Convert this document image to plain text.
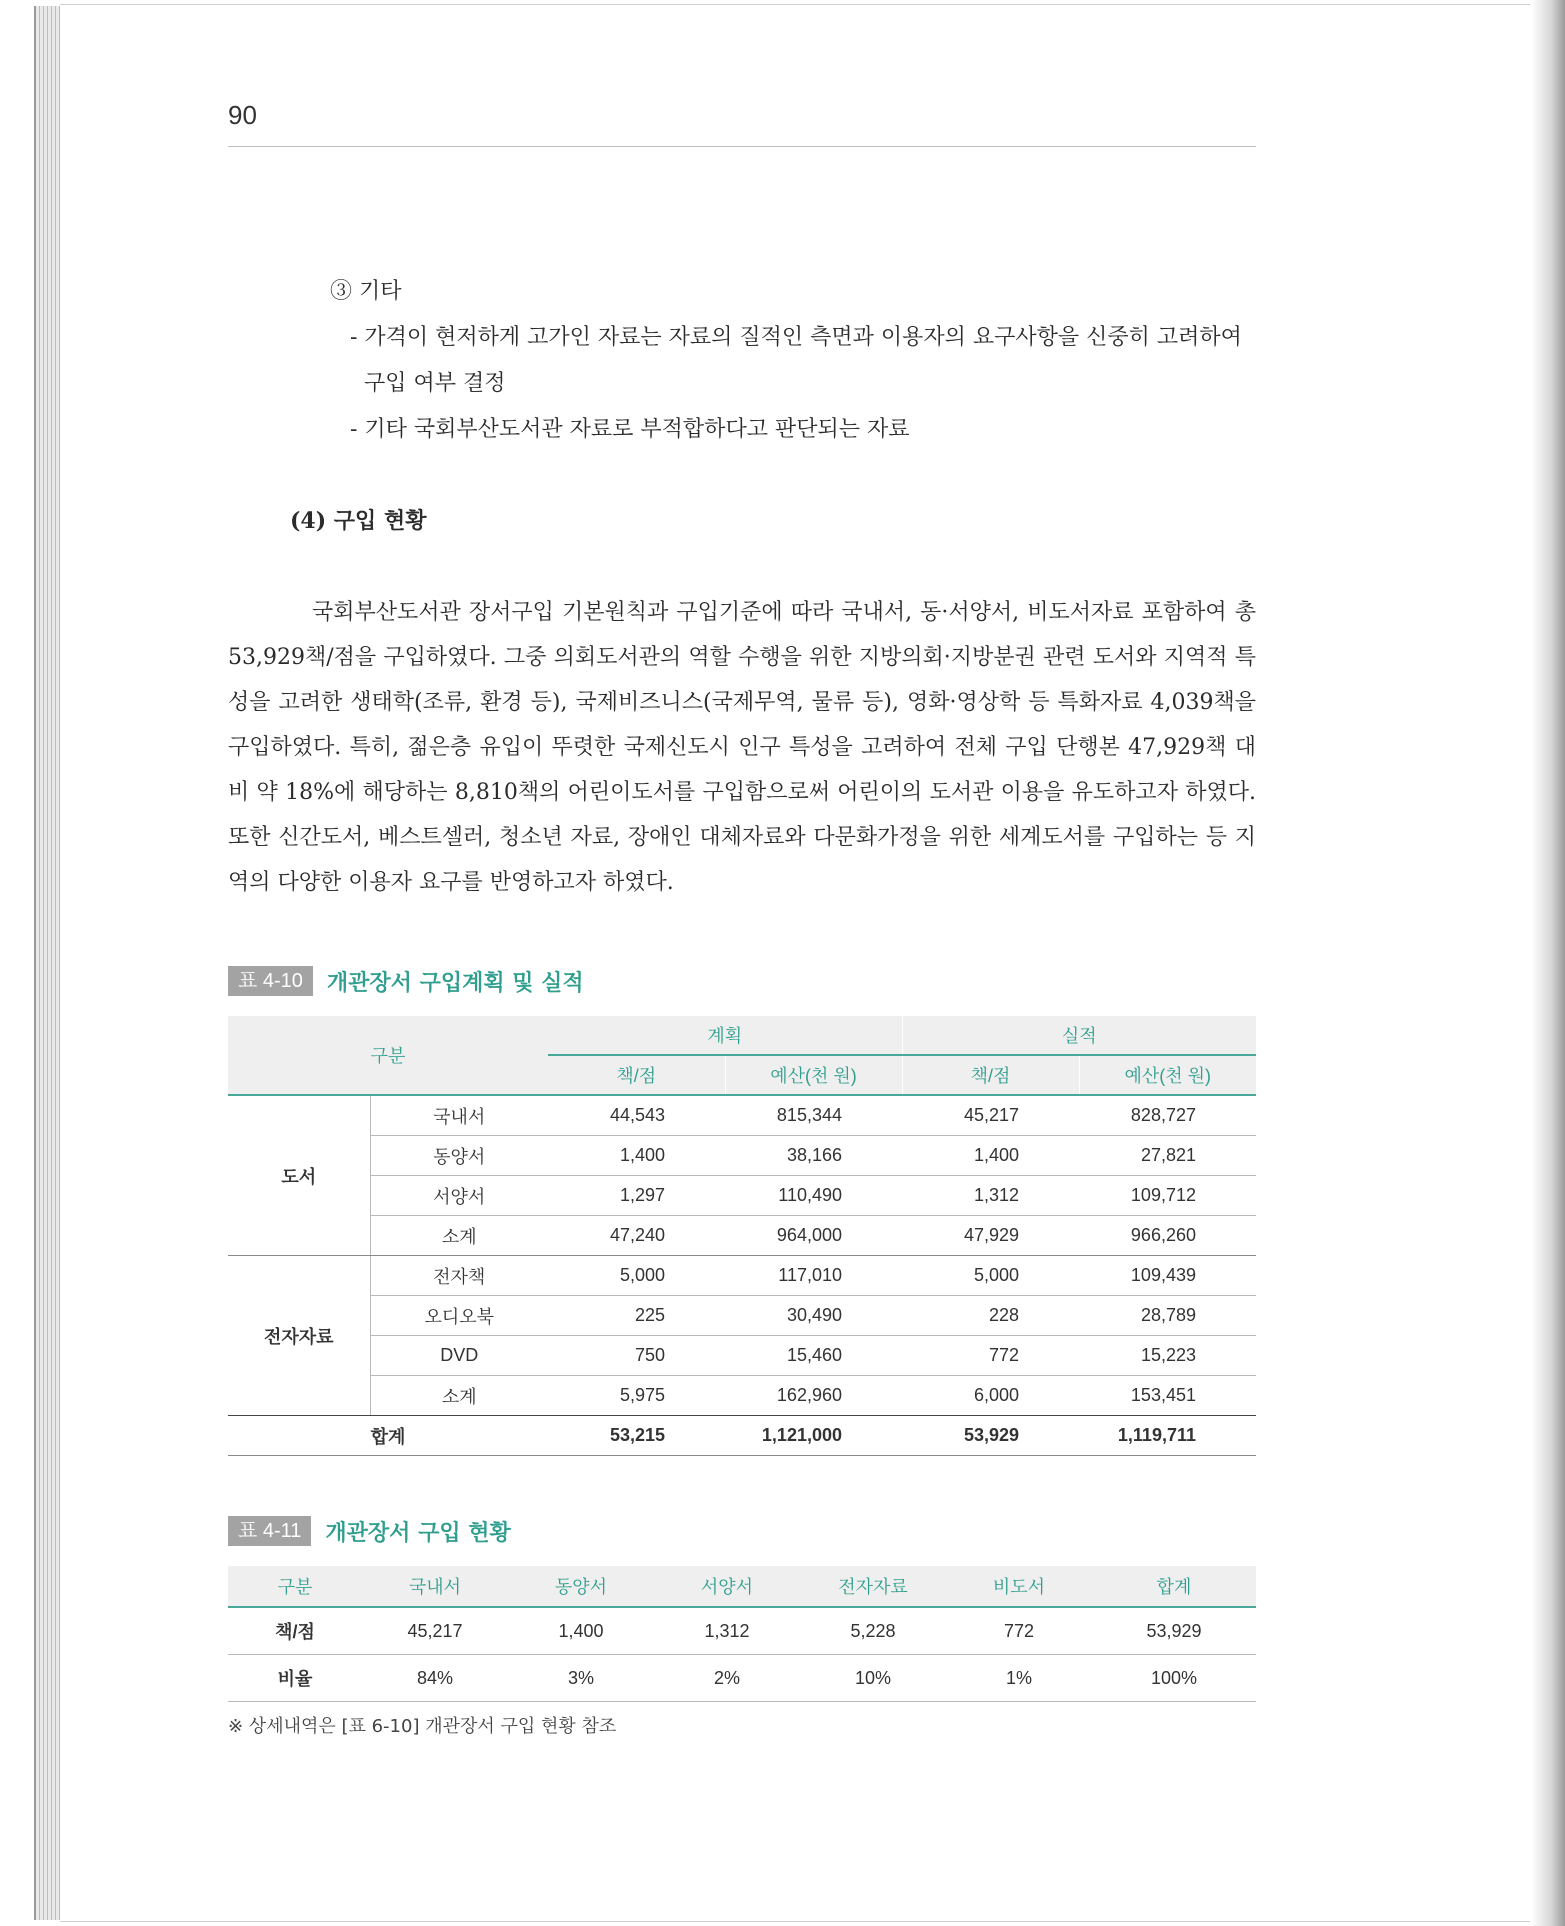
90
③ 기타
- 가격이 현저하게 고가인 자료는 자료의 질적인 측면과 이용자의 요구사항을 신중히 고려하여
구입 여부 결정
- 기타 국회부산도서관 자료로 부적합하다고 판단되는 자료
(4) 구입 현황
국회부산도서관 장서구입 기본원칙과 구입기준에 따라 국내서, 동·서양서, 비도서자료 포함하여 총 53,929책/점을 구입하였다. 그중 의회도서관의 역할 수행을 위한 지방의회·지방분권 관련 도서와 지역적 특성을 고려한 생태학(조류, 환경 등), 국제비즈니스(국제무역, 물류 등), 영화·영상학 등 특화자료 4,039책을 구입하였다. 특히, 젊은층 유입이 뚜렷한 국제신도시 인구 특성을 고려하여 전체 구입 단행본 47,929책 대비 약 18%에 해당하는 8,810책의 어린이도서를 구입함으로써 어린이의 도서관 이용을 유도하고자 하였다. 또한 신간도서, 베스트셀러, 청소년 자료, 장애인 대체자료와 다문화가정을 위한 세계도서를 구입하는 등 지역의 다양한 이용자 요구를 반영하고자 하였다.
표 4-10	개관장서 구입계획 및 실적
구분		계획		실적	
		책/점	예산(천 원)	책/점	예산(천 원)
도서	국내서	44,543	815,344	45,217	828,727
	동양서	1,400	38,166	1,400	27,821
	서양서	1,297	110,490	1,312	109,712
	소계	47,240	964,000	47,929	966,260
전자자료	전자책	5,000	117,010	5,000	109,439
	오디오북	225	30,490	228	28,789
	DVD	750	15,460	772	15,223
	소계	5,975	162,960	6,000	153,451
합계		53,215	1,121,000	53,929	1,119,711
표 4-11	개관장서 구입 현황
구분	국내서	동양서	서양서	전자자료	비도서	합계
책/점	45,217	1,400	1,312	5,228	772	53,929
비율	84%	3%	2%	10%	1%	100%
※ 상세내역은 [표 6-10] 개관장서 구입 현황 참조
